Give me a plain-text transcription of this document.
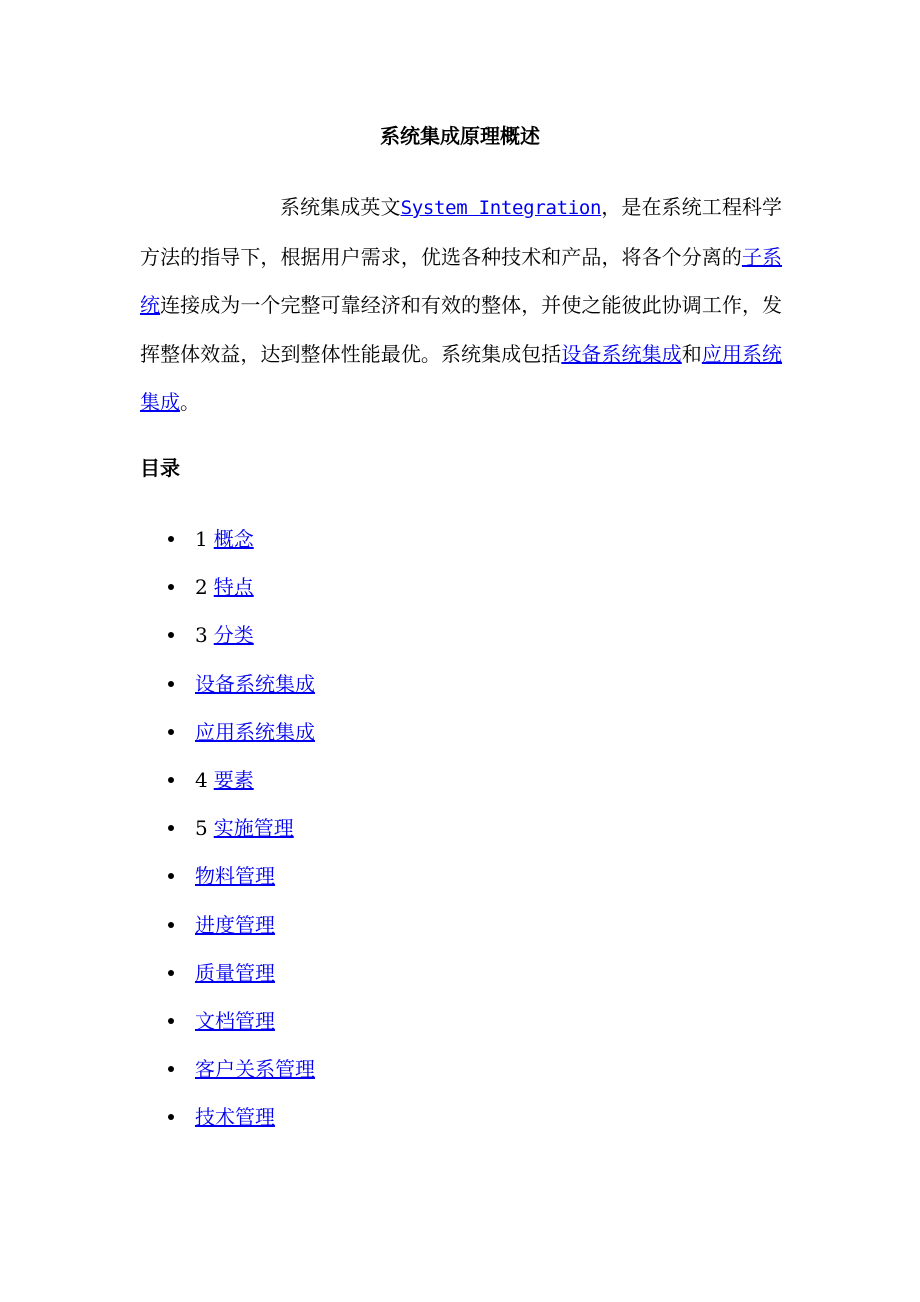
系统集成原理概述

系统集成英文System Integration，是在系统工程科学方法的指导下，根据用户需求，优选各种技术和产品，将各个分离的子系统连接成为一个完整可靠经济和有效的整体，并使之能彼此协调工作，发挥整体效益，达到整体性能最优。系统集成包括设备系统集成和应用系统集成。

目录
1 概念
2 特点
3 分类
设备系统集成
应用系统集成
4 要素
5 实施管理
物料管理
进度管理
质量管理
文档管理
客户关系管理
技术管理
